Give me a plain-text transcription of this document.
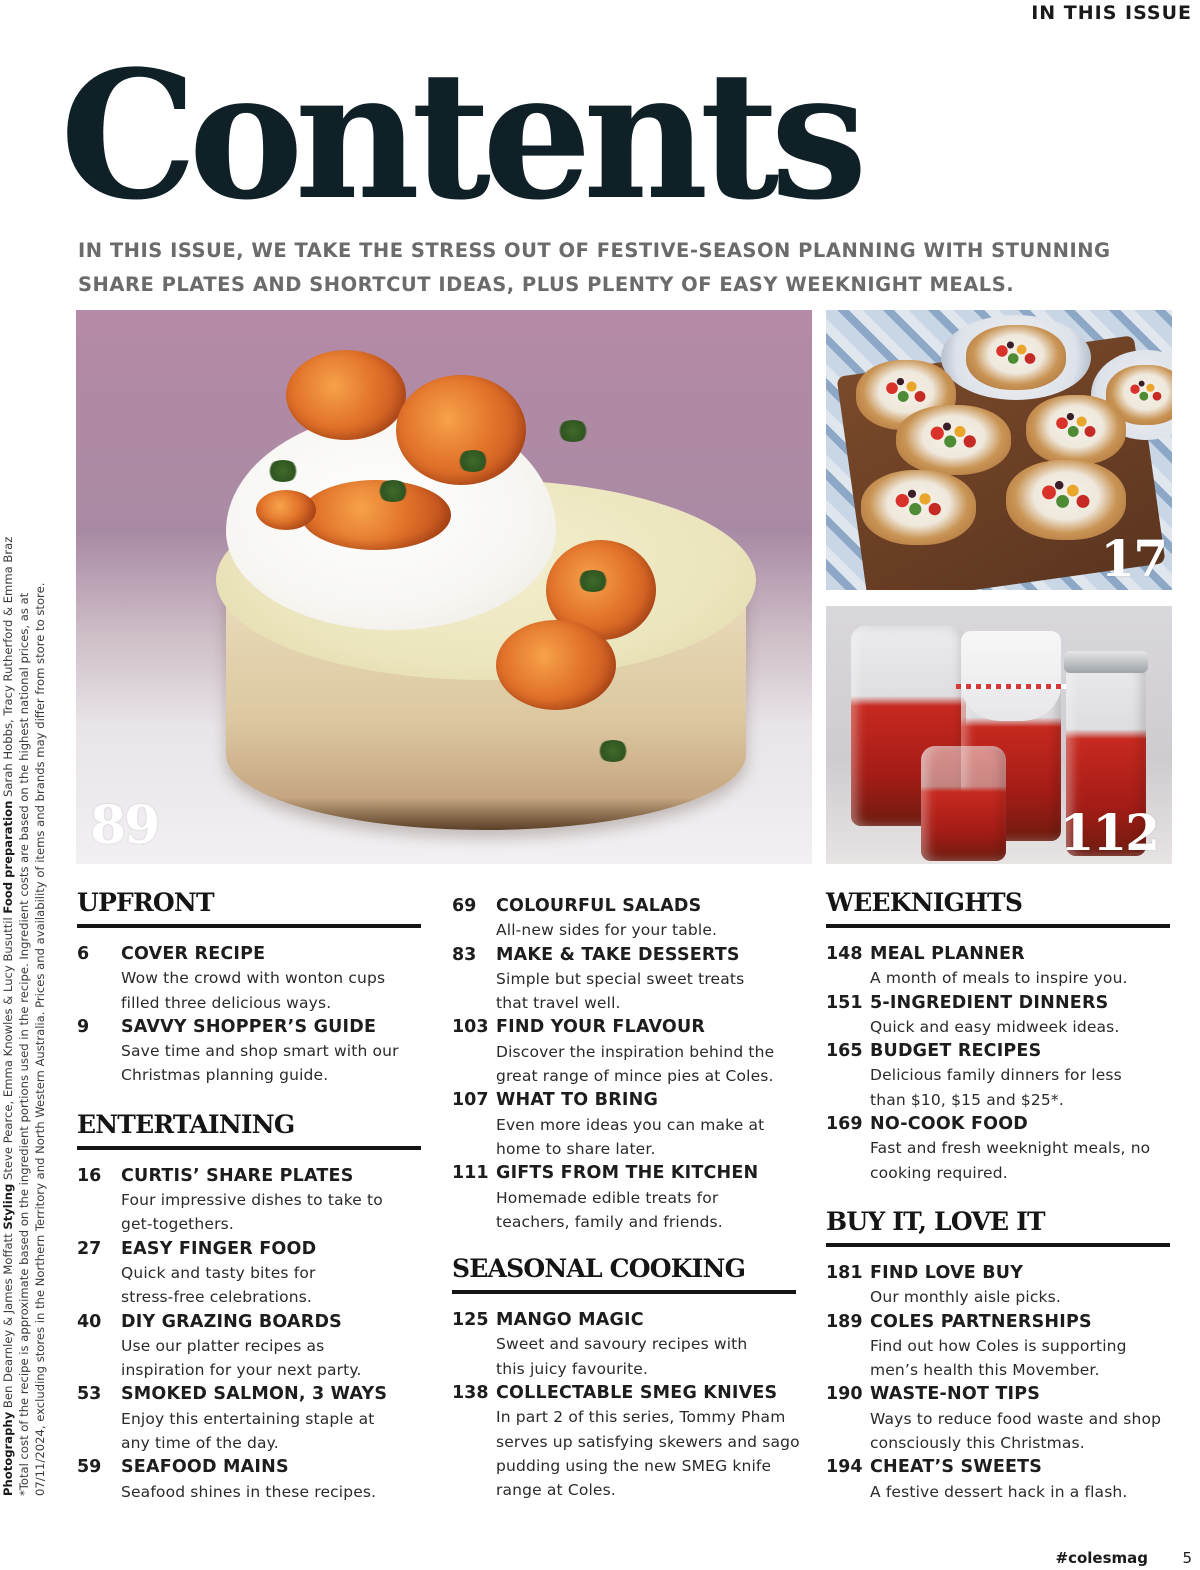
IN THIS ISSUE
Contents

IN THIS ISSUE, WE TAKE THE STRESS OUT OF FESTIVE-SEASON PLANNING WITH STUNNING SHARE PLATES AND SHORTCUT IDEAS, PLUS PLENTY OF EASY WEEKNIGHT MEALS.

Photography Ben Dearnley & James Moffatt Styling Steve Pearce, Emma Knowles & Lucy Busuttil Food preparation Sarah Hobbs, Tracy Rutherford & Emma Braz *Total cost of the recipe is approximate based on the ingredient portions used in the recipe. Ingredient costs are based on the highest national prices, as at 07/11/2024, excluding stores in the Northern Territory and North Western Australia. Prices and availability of items and brands may differ from store to store. 89
17
112
UPFRONT
6	COVER RECIPE
Wow the crowd with wonton cups filled three delicious ways.
9	SAVVY SHOPPER’S GUIDE
Save time and shop smart with our Christmas planning guide.
ENTERTAINING
16	CURTIS’ SHARE PLATES
Four impressive dishes to take to get-togethers.
27	EASY FINGER FOOD
Quick and tasty bites for stress-free celebrations.
40	DIY GRAZING BOARDS
Use our platter recipes as inspiration for your next party.
53	SMOKED SALMON, 3 WAYS
Enjoy this entertaining staple at any time of the day.
59	SEAFOOD MAINS
Seafood shines in these recipes.
69	COLOURFUL SALADS
All-new sides for your table.
83	MAKE & TAKE DESSERTS
Simple but special sweet treats that travel well.
103 FIND YOUR FLAVOUR
Discover the inspiration behind the great range of mince pies at Coles.
107 WHAT TO BRING
Even more ideas you can make at home to share later.
111 GIFTS FROM THE KITCHEN
Homemade edible treats for teachers, family and friends.
SEASONAL COOKING
125 MANGO MAGIC
Sweet and savoury recipes with this juicy favourite.
138 COLLECTABLE SMEG KNIVES
In part 2 of this series, Tommy Pham serves up satisfying skewers and sago pudding using the new SMEG knife range at Coles.
WEEKNIGHTS
148 MEAL PLANNER
A month of meals to inspire you.
151 5-INGREDIENT DINNERS
Quick and easy midweek ideas.
165 BUDGET RECIPES
Delicious family dinners for less than $10, $15 and $25*.
169 NO-COOK FOOD
Fast and fresh weeknight meals, no cooking required.
BUY IT, LOVE IT
181 FIND LOVE BUY
Our monthly aisle picks.
189 COLES PARTNERSHIPS
Find out how Coles is supporting men’s health this Movember.
190 WASTE-NOT TIPS
Ways to reduce food waste and shop consciously this Christmas.
194 CHEAT’S SWEETS
A festive dessert hack in a flash.
#colesmag 5
